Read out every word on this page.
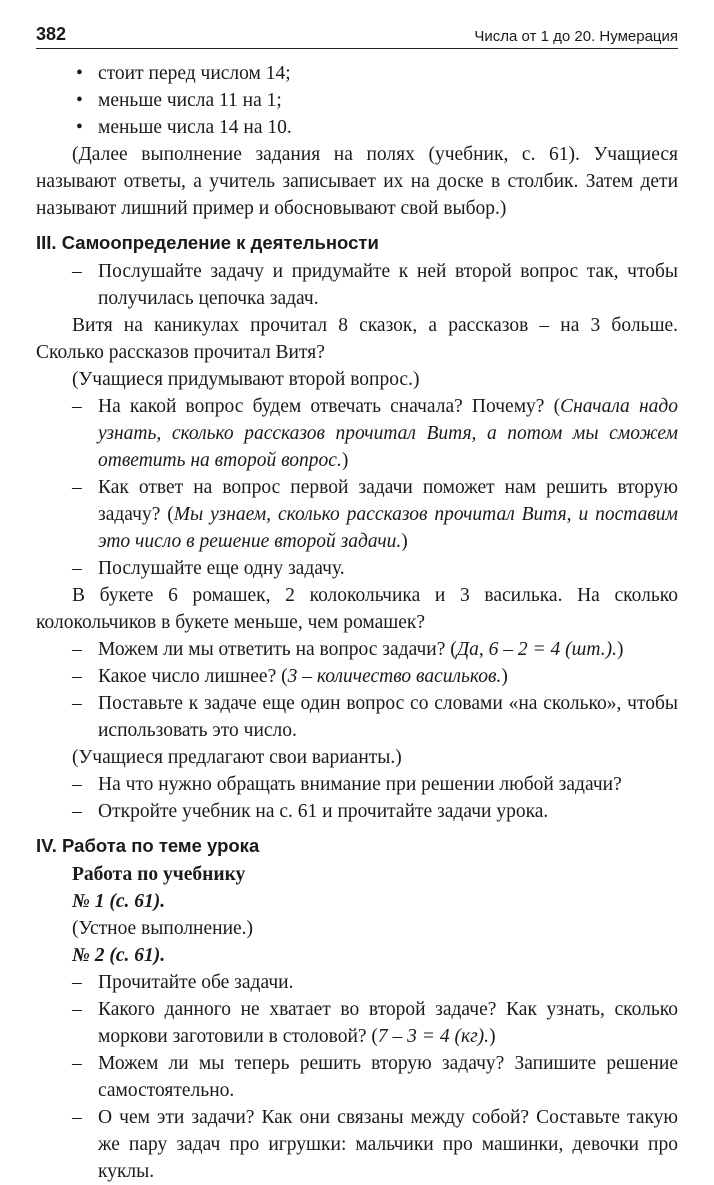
382	Числа от 1 до 20. Нумерация

• стоит перед числом 14;

• меньше числа 11 на 1;

• меньше числа 14 на 10.

(Далее выполнение задания на полях (учебник, с. 61). Учащиеся называют ответы, а учитель записывает их на доске в столбик. Затем дети называют лишний пример и обосновывают свой выбор.)

III. Самоопределение к деятельности

– Послушайте задачу и придумайте к ней второй вопрос так, чтобы получилась цепочка задач.

Витя на каникулах прочитал 8 сказок, а рассказов – на 3 больше. Сколько рассказов прочитал Витя?

(Учащиеся придумывают второй вопрос.)

– На какой вопрос будем отвечать сначала? Почему? (Сначала надо узнать, сколько рассказов прочитал Витя, а потом мы сможем ответить на второй вопрос.)

– Как ответ на вопрос первой задачи поможет нам решить вторую задачу? (Мы узнаем, сколько рассказов прочитал Витя, и поставим это число в решение второй задачи.)

– Послушайте еще одну задачу.

В букете 6 ромашек, 2 колокольчика и 3 василька. На сколько колокольчиков в букете меньше, чем ромашек?

– Можем ли мы ответить на вопрос задачи? (Да, 6 – 2 = 4 (шт.).)

– Какое число лишнее? (3 – количество васильков.)

– Поставьте к задаче еще один вопрос со словами «на сколько», чтобы использовать это число.

(Учащиеся предлагают свои варианты.)

– На что нужно обращать внимание при решении любой задачи?

– Откройте учебник на с. 61 и прочитайте задачи урока.

IV. Работа по теме урока

Работа по учебнику

№ 1 (с. 61).

(Устное выполнение.)

№ 2 (с. 61).

– Прочитайте обе задачи.

– Какого данного не хватает во второй задаче? Как узнать, сколько моркови заготовили в столовой? (7 – 3 = 4 (кг).)

– Можем ли мы теперь решить вторую задачу? Запишите решение самостоятельно.

– О чем эти задачи? Как они связаны между собой? Составьте такую же пару задач про игрушки: мальчики про машинки, девочки про куклы.
